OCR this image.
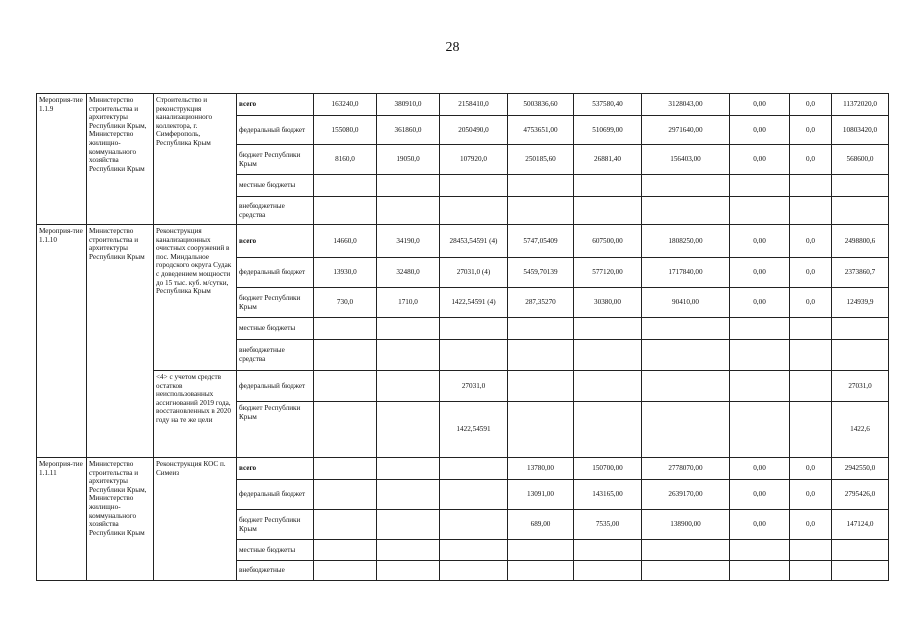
28
Мероприя-тие 1.1.9	Министерство строительства и архитектуры Республики Крым, Министерство жилищно-коммунального хозяйства Республики Крым	Строительство и реконструкция канализационного коллектора, г. Симферополь, Республика Крым	всего	163240,0	380910,0	2158410,0	5003836,60	537580,40	3128043,00	0,00	0,0	11372020,0
			федеральный бюджет	155080,0	361860,0	2050490,0	4753651,00	510699,00	2971640,00	0,00	0,0	10803420,0
			бюджет Республики Крым	8160,0	19050,0	107920,0	250185,60	26881,40	156403,00	0,00	0,0	568600,0
			местные бюджеты									
			внебюджетные средства									
Мероприя-тие 1.1.10	Министерство строительства и архитектуры Республики Крым	Реконструкция канализационных очистных сооружений в пос. Миндальное городского округа Судак с доведением мощности до 15 тыс. куб. м/сутки, Республика Крым	всего	14660,0	34190,0	28453,54591 (4)	5747,05409	607500,00	1808250,00	0,00	0,0	2498800,6
			федеральный бюджет	13930,0	32480,0	27031,0 (4)	5459,70139	577120,00	1717840,00	0,00	0,0	2373860,7
			бюджет Республики Крым	730,0	1710,0	1422,54591 (4)	287,35270	30380,00	90410,00	0,00	0,0	124939,9
			местные бюджеты									
			внебюджетные средства									
		<4> с учетом средств остатков неиспользованных ассигнований 2019 года, восстановленных в 2020 году на те же цели	федеральный бюджет			27031,0						27031,0
			бюджет Республики Крым			1422,54591						1422,6
Мероприя-тие 1.1.11	Министерство строительства и архитектуры Республики Крым, Министерство жилищно-коммунального хозяйства Республики Крым	Реконструкция КОС п. Симеиз	всего				13780,00	150700,00	2778070,00	0,00	0,0	2942550,0
			федеральный бюджет				13091,00	143165,00	2639170,00	0,00	0,0	2795426,0
			бюджет Республики Крым				689,00	7535,00	138900,00	0,00	0,0	147124,0
			местные бюджеты									
			внебюджетные									
